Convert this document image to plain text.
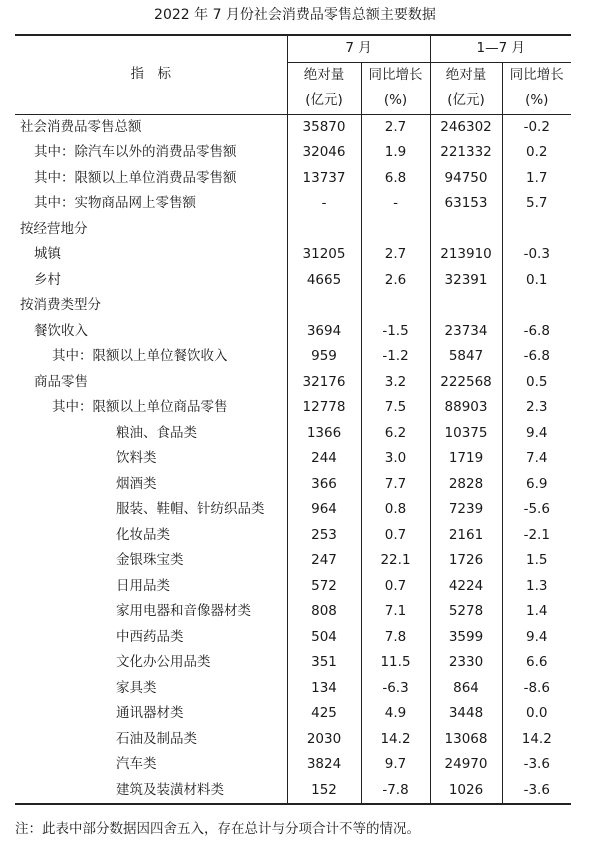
2022 年 7 月份社会消费品零售总额主要数据
指　标	7 月		1—7 月	
	绝对量	同比增长	绝对量	同比增长
	(亿元)	(%)	(亿元)	(%)
社会消费品零售总额	35870	2.7	246302	-0.2
其中：除汽车以外的消费品零售额	32046	1.9	221332	0.2
其中：限额以上单位消费品零售额	13737	6.8	94750	1.7
其中：实物商品网上零售额	-	-	63153	5.7
按经营地分				
城镇	31205	2.7	213910	-0.3
乡村	4665	2.6	32391	0.1
按消费类型分				
餐饮收入	3694	-1.5	23734	-6.8
其中：限额以上单位餐饮收入	959	-1.2	5847	-6.8
商品零售	32176	3.2	222568	0.5
其中：限额以上单位商品零售	12778	7.5	88903	2.3
粮油、食品类	1366	6.2	10375	9.4
饮料类	244	3.0	1719	7.4
烟酒类	366	7.7	2828	6.9
服装、鞋帽、针纺织品类	964	0.8	7239	-5.6
化妆品类	253	0.7	2161	-2.1
金银珠宝类	247	22.1	1726	1.5
日用品类	572	0.7	4224	1.3
家用电器和音像器材类	808	7.1	5278	1.4
中西药品类	504	7.8	3599	9.4
文化办公用品类	351	11.5	2330	6.6
家具类	134	-6.3	864	-8.6
通讯器材类	425	4.9	3448	0.0
石油及制品类	2030	14.2	13068	14.2
汽车类	3824	9.7	24970	-3.6
建筑及装潢材料类	152	-7.8	1026	-3.6
注：此表中部分数据因四舍五入，存在总计与分项合计不等的情况。
